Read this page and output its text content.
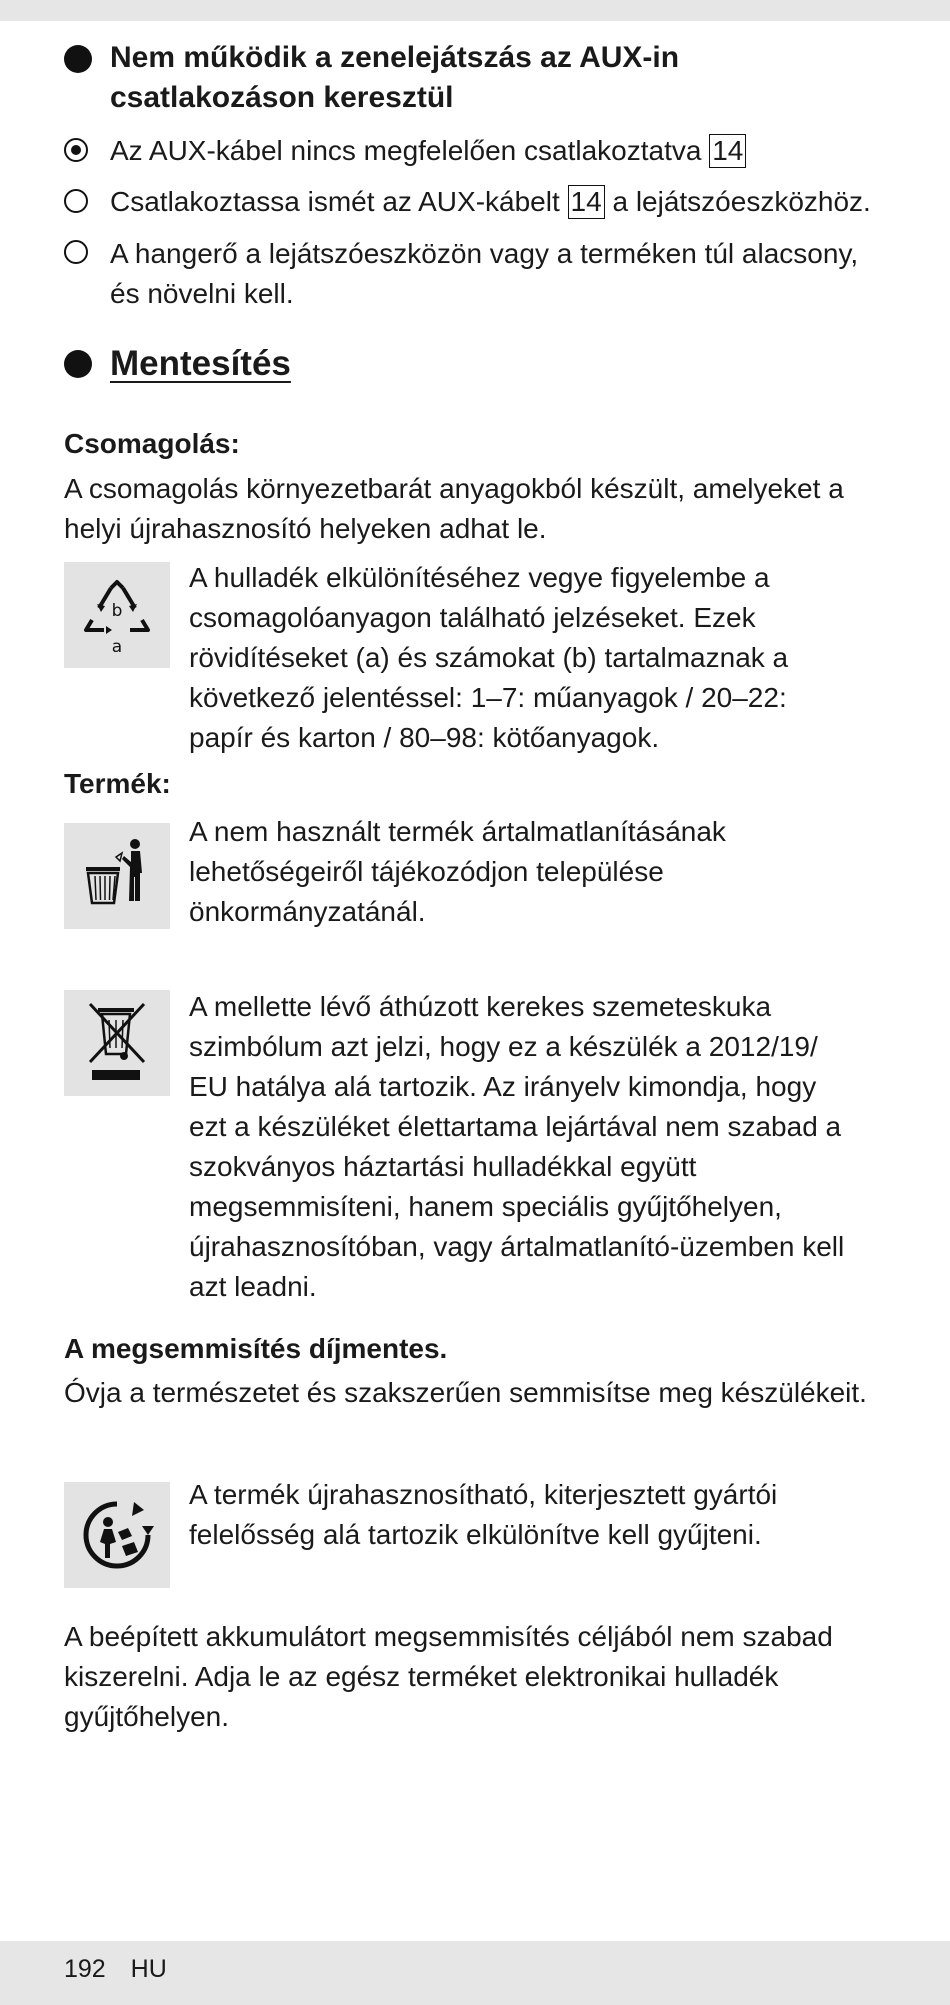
Nem működik a zenelejátszás az AUX-in
csatlakozáson keresztül
Az AUX-kábel nincs megfelelően csatlakoztatva 14
Csatlakoztassa ismét az AUX-kábelt 14 a lejátszóeszközhöz.
A hangerő a lejátszóeszközön vagy a terméken túl alacsony,
és növelni kell.
Mentesítés
Csomagolás:
A csomagolás környezetbarát anyagokból készült, amelyeket a
helyi újrahasznosító helyeken adhat le.
b
a
A hulladék elkülönítéséhez vegye figyelembe a
csomagolóanyagon található jelzéseket. Ezek
rövidítéseket (a) és számokat (b) tartalmaznak a
következő jelentéssel: 1–7: műanyagok / 20–22:
papír és karton / 80–98: kötőanyagok.
Termék:
A nem használt termék ártalmatlanításának
lehetőségeiről tájékozódjon települése
önkormányzatánál.
A mellette lévő áthúzott kerekes szemeteskuka
szimbólum azt jelzi, hogy ez a készülék a 2012/19/
EU hatálya alá tartozik. Az irányelv kimondja, hogy
ezt a készüléket élettartama lejártával nem szabad a
szokványos háztartási hulladékkal együtt
megsemmisíteni, hanem speciális gyűjtőhelyen,
újrahasznosítóban, vagy ártalmatlanító-üzemben kell
azt leadni.
A megsemmisítés díjmentes.
Óvja a természetet és szakszerűen semmisítse meg készülékeit.
A termék újrahasznosítható, kiterjesztett gyártói
felelősség alá tartozik elkülönítve kell gyűjteni.
A beépített akkumulátort megsemmisítés céljából nem szabad
kiszerelni. Adja le az egész terméket elektronikai hulladék
gyűjtőhelyen.
192 HU
